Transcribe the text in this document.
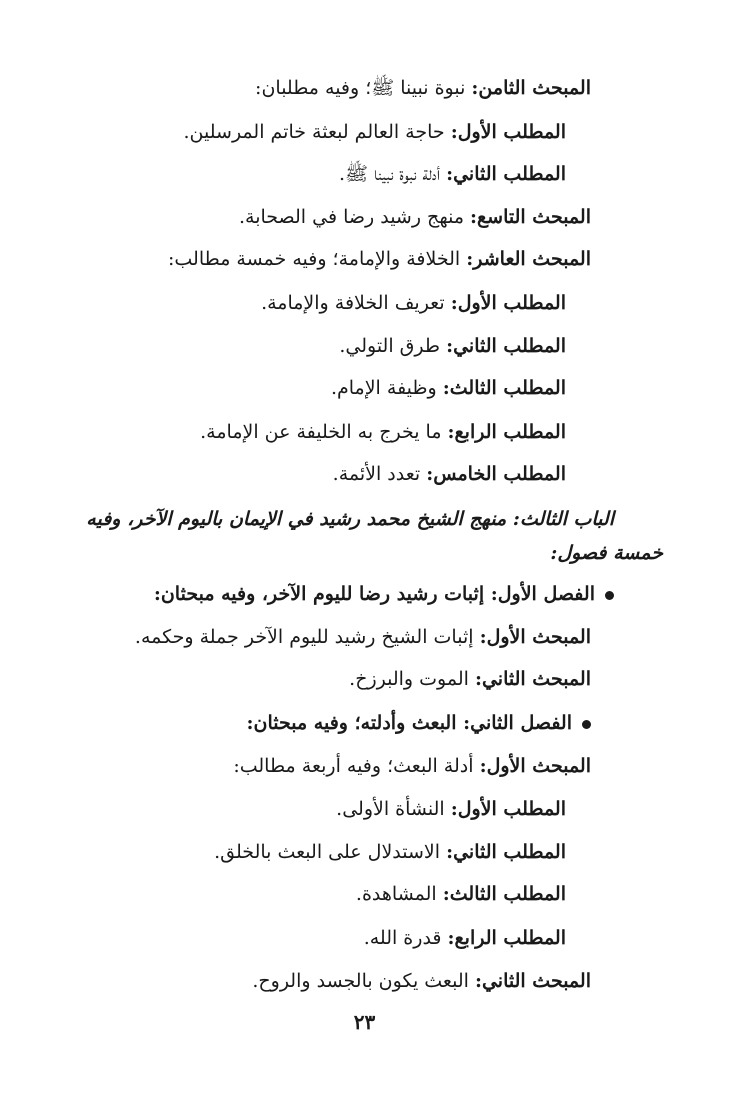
المبحث الثامن: نبوة نبينا ﷺ؛ وفيه مطلبان:
المطلب الأول: حاجة العالم لبعثة خاتم المرسلين.
المطلب الثاني: أدلة نبوة نبينا ﷺ.
المبحث التاسع: منهج رشيد رضا في الصحابة.
المبحث العاشر: الخلافة والإمامة؛ وفيه خمسة مطالب:
المطلب الأول: تعريف الخلافة والإمامة.
المطلب الثاني: طرق التولي.
المطلب الثالث: وظيفة الإمام.
المطلب الرابع: ما يخرج به الخليفة عن الإمامة.
المطلب الخامس: تعدد الأئمة.
الباب الثالث: منهج الشيخ محمد رشيد في الإيمان باليوم الآخر، وفيه
خمسة فصول:
الفصل الأول: إثبات رشيد رضا لليوم الآخر، وفيه مبحثان:
المبحث الأول: إثبات الشيخ رشيد لليوم الآخر جملة وحكمه.
المبحث الثاني: الموت والبرزخ.
الفصل الثاني: البعث وأدلته؛ وفيه مبحثان:
المبحث الأول: أدلة البعث؛ وفيه أربعة مطالب:
المطلب الأول: النشأة الأولى.
المطلب الثاني: الاستدلال على البعث بالخلق.
المطلب الثالث: المشاهدة.
المطلب الرابع: قدرة الله.
المبحث الثاني: البعث يكون بالجسد والروح.
٢٣
